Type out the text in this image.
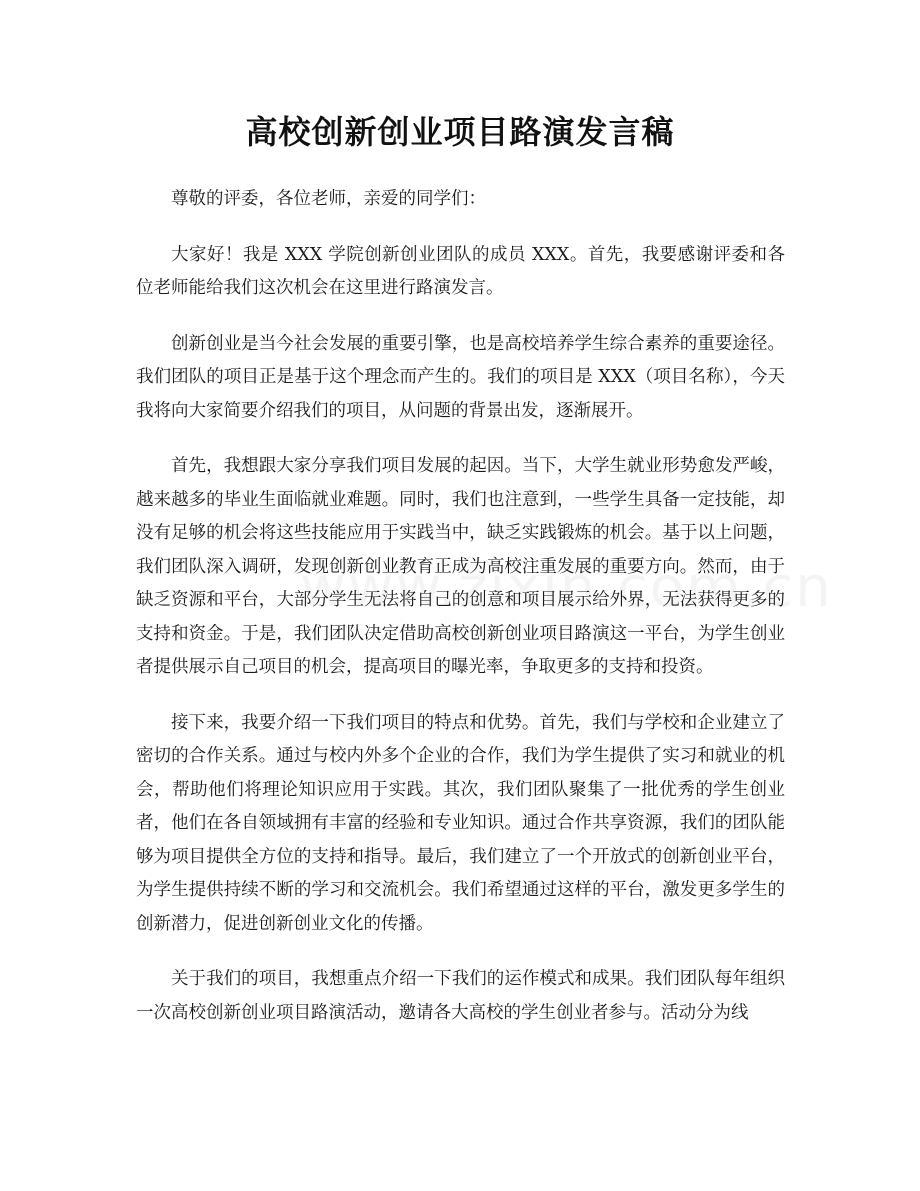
高校创新创业项目路演发言稿

尊敬的评委，各位老师，亲爱的同学们：

大家好！我是 XXX 学院创新创业团队的成员 XXX。首先，我要感谢评委和各位老师能给我们这次机会在这里进行路演发言。

创新创业是当今社会发展的重要引擎，也是高校培养学生综合素养的重要途径。我们团队的项目正是基于这个理念而产生的。我们的项目是 XXX（项目名称），今天我将向大家简要介绍我们的项目，从问题的背景出发，逐渐展开。

首先，我想跟大家分享我们项目发展的起因。当下，大学生就业形势愈发严峻，越来越多的毕业生面临就业难题。同时，我们也注意到，一些学生具备一定技能，却没有足够的机会将这些技能应用于实践当中，缺乏实践锻炼的机会。基于以上问题，我们团队深入调研，发现创新创业教育正成为高校注重发展的重要方向。然而，由于缺乏资源和平台，大部分学生无法将自己的创意和项目展示给外界，无法获得更多的支持和资金。于是，我们团队决定借助高校创新创业项目路演这一平台，为学生创业者提供展示自己项目的机会，提高项目的曝光率，争取更多的支持和投资。

接下来，我要介绍一下我们项目的特点和优势。首先，我们与学校和企业建立了密切的合作关系。通过与校内外多个企业的合作，我们为学生提供了实习和就业的机会，帮助他们将理论知识应用于实践。其次，我们团队聚集了一批优秀的学生创业者，他们在各自领域拥有丰富的经验和专业知识。通过合作共享资源，我们的团队能够为项目提供全方位的支持和指导。最后，我们建立了一个开放式的创新创业平台，为学生提供持续不断的学习和交流机会。我们希望通过这样的平台，激发更多学生的创新潜力，促进创新创业文化的传播。

关于我们的项目，我想重点介绍一下我们的运作模式和成果。我们团队每年组织一次高校创新创业项目路演活动，邀请各大高校的学生创业者参与。活动分为线
